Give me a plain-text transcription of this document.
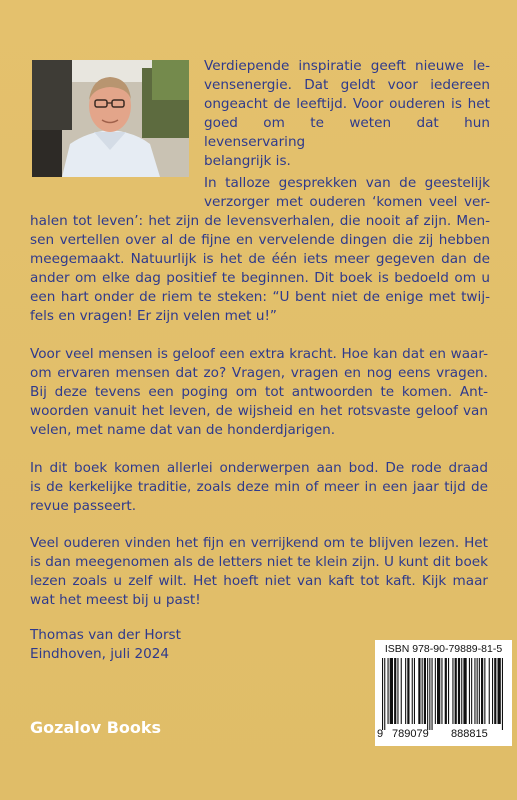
Verdiepende inspiratie geeft nieuwe le-
vensenergie. Dat geldt voor iedereen
ongeacht de leeftijd. Voor ouderen is het
goed om te weten dat hun levenservaring
belangrijk is.
In talloze gesprekken van de geestelijk
verzorger met ouderen ‘komen veel ver-
halen tot leven’: het zijn de levensverhalen, die nooit af zijn. Men-
sen vertellen over al de fijne en vervelende dingen die zij hebben
meegemaakt. Natuurlijk is het de één iets meer gegeven dan de
ander om elke dag positief te beginnen. Dit boek is bedoeld om u
een hart onder de riem te steken: “U bent niet de enige met twij-
fels en vragen! Er zijn velen met u!”
Voor veel mensen is geloof een extra kracht. Hoe kan dat en waar-
om ervaren mensen dat zo? Vragen, vragen en nog eens vragen.
Bij deze tevens een poging om tot antwoorden te komen. Ant-
woorden vanuit het leven, de wijsheid en het rotsvaste geloof van
velen, met name dat van de honderdjarigen.
In dit boek komen allerlei onderwerpen aan bod. De rode draad
is de kerkelijke traditie, zoals deze min of meer in een jaar tijd de
revue passeert.
Veel ouderen vinden het fijn en verrijkend om te blijven lezen. Het
is dan meegenomen als de letters niet te klein zijn. U kunt dit boek
lezen zoals u zelf wilt. Het hoeft niet van kaft tot kaft. Kijk maar
wat het meest bij u past!
Thomas van der Horst
Eindhoven, juli 2024
Gozalov Books
ISBN 978-90-79889-81-5
9 789079 888815
